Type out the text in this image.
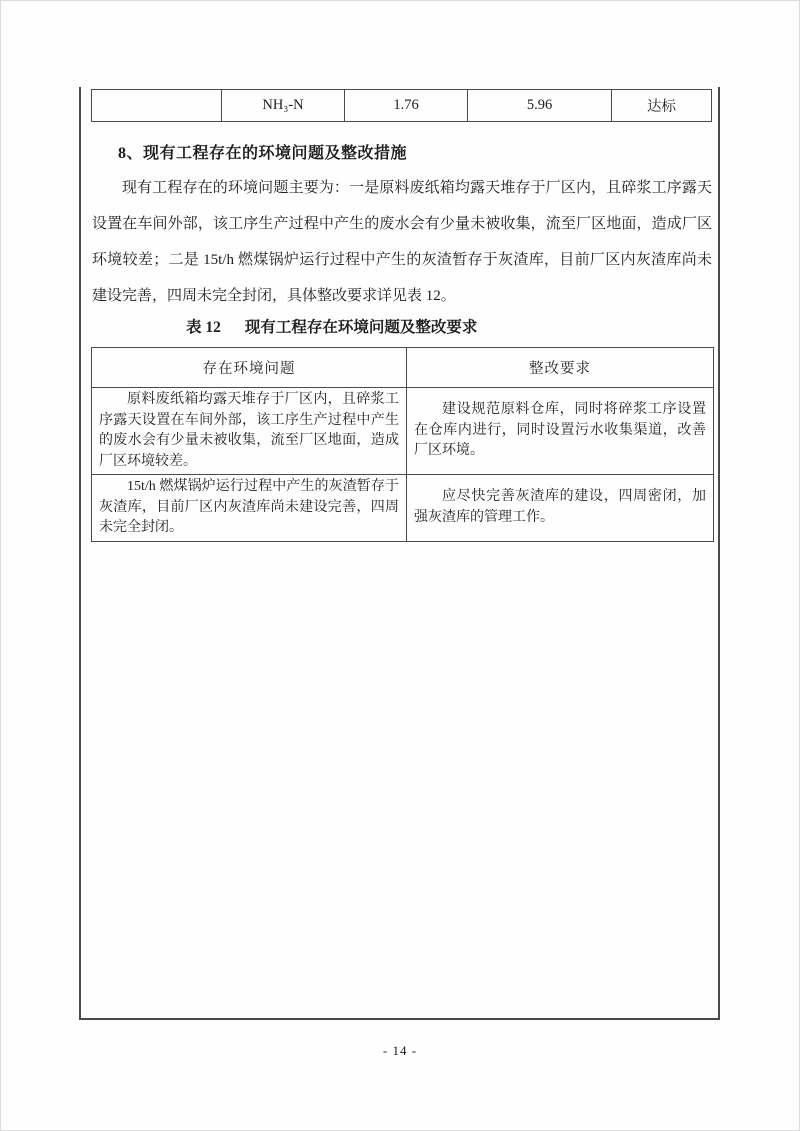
	NH₃-N	1.76	5.96	达标
8、现有工程存在的环境问题及整改措施
现有工程存在的环境问题主要为：一是原料废纸箱均露天堆存于厂区内，且碎浆工序露天设置在车间外部，该工序生产过程中产生的废水会有少量未被收集，流至厂区地面，造成厂区环境较差；二是 15t/h 燃煤锅炉运行过程中产生的灰渣暂存于灰渣库，目前厂区内灰渣库尚未建设完善，四周未完全封闭，具体整改要求详见表 12。
表 12 现有工程存在环境问题及整改要求
存在环境问题	整改要求
原料废纸箱均露天堆存于厂区内，且碎浆工序露天设置在车间外部，该工序生产过程中产生的废水会有少量未被收集，流至厂区地面，造成厂区环境较差。	建设规范原料仓库，同时将碎浆工序设置在仓库内进行，同时设置污水收集渠道，改善厂区环境。
15t/h 燃煤锅炉运行过程中产生的灰渣暂存于灰渣库，目前厂区内灰渣库尚未建设完善，四周未完全封闭。	应尽快完善灰渣库的建设，四周密闭，加强灰渣库的管理工作。
- 14 -
